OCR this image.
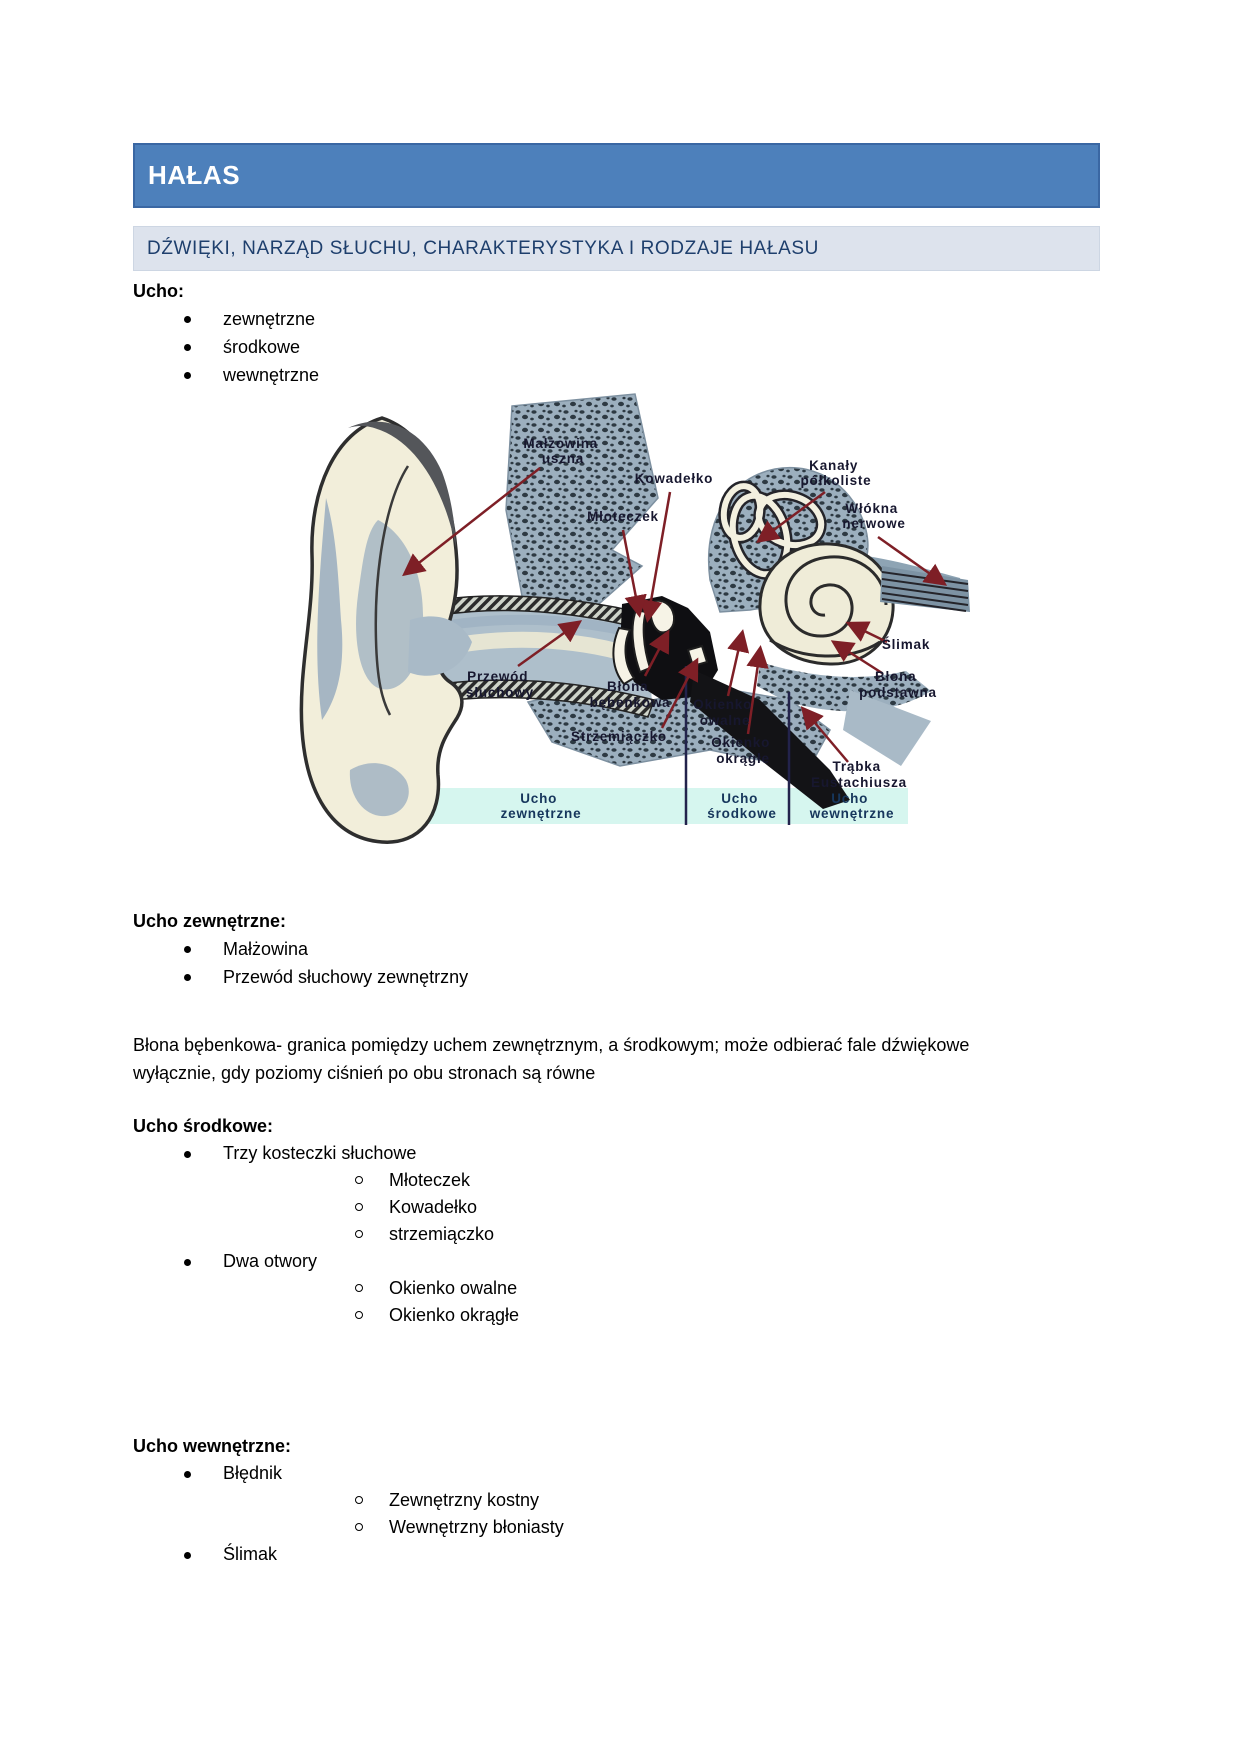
HAŁAS
DŹWIĘKI, NARZĄD SŁUCHU, CHARAKTERYSTYKA I RODZAJE HAŁASU
Ucho:
zewnętrzne
środkowe
wewnętrzne
Małżowina uszna
Kowadełko
Kanały półkoliste
Włókna nerwowe
Młoteczek
Przewód słuchowy	Błona bębenkowa Okienko owalne
Strzemiączko	Okienko okrągłe
Ślimak
Błona podstawna
Trąbka Eustachiusza
Ucho zewnętrzne
Ucho środkowe
Ucho wewnętrzne
Ucho zewnętrzne:
Małżowina
Przewód słuchowy zewnętrzny
Błona bębenkowa- granica pomiędzy uchem zewnętrznym, a środkowym; może odbierać fale dźwiękowe wyłącznie, gdy poziomy ciśnień po obu stronach są równe
Ucho środkowe:
Trzy kosteczki słuchowe
Młoteczek
Kowadełko
strzemiączko
Dwa otwory
Okienko owalne
Okienko okrągłe
Ucho wewnętrzne:
Błędnik
Zewnętrzny kostny
Wewnętrzny błoniasty
Ślimak
